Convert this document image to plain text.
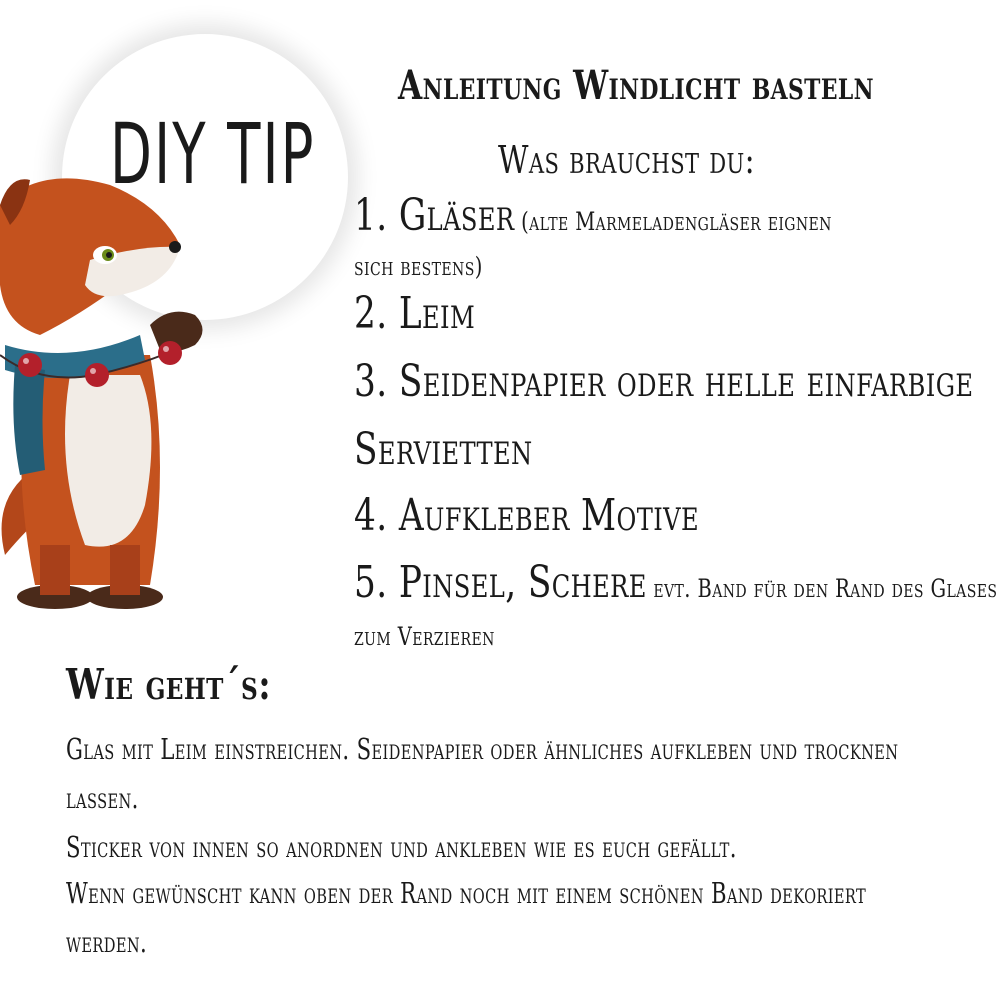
DIY TIP
Anleitung Windlicht basteln
Was brauchst du:
1. Gläser (alte Marmeladengläser eignen
sich bestens)
2. Leim
3. Seidenpapier oder helle einfarbige
Servietten
4. Aufkleber Motive
5. Pinsel, Schere evt. Band für den Rand des Glases
zum Verzieren
Wie geht´s:
Glas mit Leim einstreichen. Seidenpapier oder ähnliches aufkleben und trocknen
lassen.
Sticker von innen so anordnen und ankleben wie es euch gefällt.
Wenn gewünscht kann oben der Rand noch mit einem schönen Band dekoriert
werden.
